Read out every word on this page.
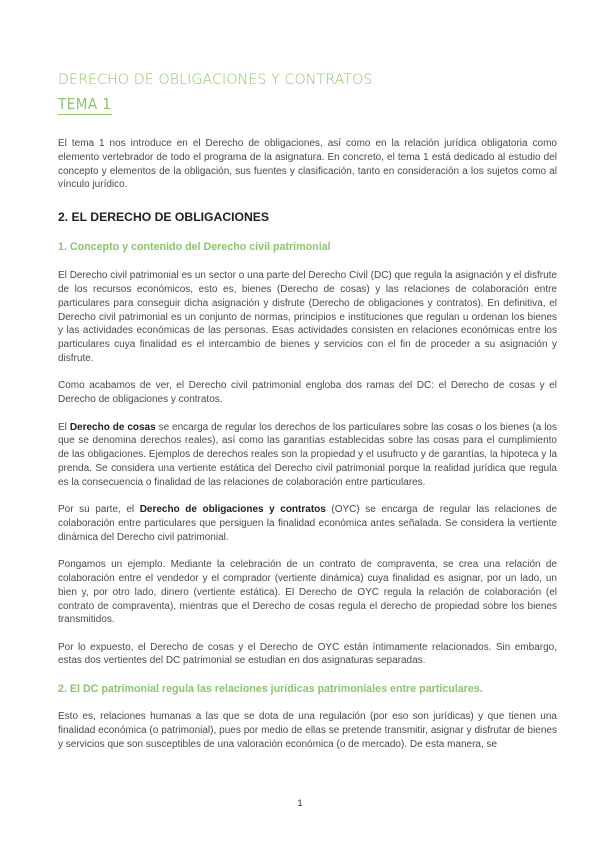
DERECHO DE OBLIGACIONES Y CONTRATOS
TEMA 1

El tema 1 nos introduce en el Derecho de obligaciones, así como en la relación jurídica obligatoria como elemento vertebrador de todo el programa de la asignatura. En concreto, el tema 1 está dedicado al estudio del concepto y elementos de la obligación, sus fuentes y clasificación, tanto en consideración a los sujetos como al vínculo jurídico.

2. EL DERECHO DE OBLIGACIONES
1. Concepto y contenido del Derecho civil patrimonial

El Derecho civil patrimonial es un sector o una parte del Derecho Civil (DC) que regula la asignación y el disfrute de los recursos económicos, esto es, bienes (Derecho de cosas) y las relaciones de colaboración entre particulares para conseguir dicha asignación y disfrute (Derecho de obligaciones y contratos). En definitiva, el Derecho civil patrimonial es un conjunto de normas, principios e instituciones que regulan u ordenan los bienes y las actividades económicas de las personas. Esas actividades consisten en relaciones económicas entre los particulares cuya finalidad es el intercambio de bienes y servicios con el fin de proceder a su asignación y disfrute.

Como acabamos de ver, el Derecho civil patrimonial engloba dos ramas del DC: el Derecho de cosas y el Derecho de obligaciones y contratos.

El Derecho de cosas se encarga de regular los derechos de los particulares sobre las cosas o los bienes (a los que se denomina derechos reales), así como las garantías establecidas sobre las cosas para el cumplimiento de las obligaciones. Ejemplos de derechos reales son la propiedad y el usufructo y de garantías, la hipoteca y la prenda. Se considera una vertiente estática del Derecho civil patrimonial porque la realidad jurídica que regula es la consecuencia o finalidad de las relaciones de colaboración entre particulares.

Por su parte, el Derecho de obligaciones y contratos (OYC) se encarga de regular las relaciones de colaboración entre particulares que persiguen la finalidad económica antes señalada. Se considera la vertiente dinámica del Derecho civil patrimonial.

Pongamos un ejemplo. Mediante la celebración de un contrato de compraventa, se crea una relación de colaboración entre el vendedor y el comprador (vertiente dinámica) cuya finalidad es asignar, por un lado, un bien y, por otro lado, dinero (vertiente estática). El Derecho de OYC regula la relación de colaboración (el contrato de compraventa), mientras que el Derecho de cosas regula el derecho de propiedad sobre los bienes transmitidos.

Por lo expuesto, el Derecho de cosas y el Derecho de OYC están íntimamente relacionados. Sin embargo, estas dos vertientes del DC patrimonial se estudian en dos asignaturas separadas.

2. El DC patrimonial regula las relaciones jurídicas patrimoniales entre particulares.

Esto es, relaciones humanas a las que se dota de una regulación (por eso son jurídicas) y que tienen una finalidad económica (o patrimonial), pues por medio de ellas se pretende transmitir, asignar y disfrutar de bienes y servicios que son susceptibles de una valoración económica (o de mercado). De esta manera, se

1
